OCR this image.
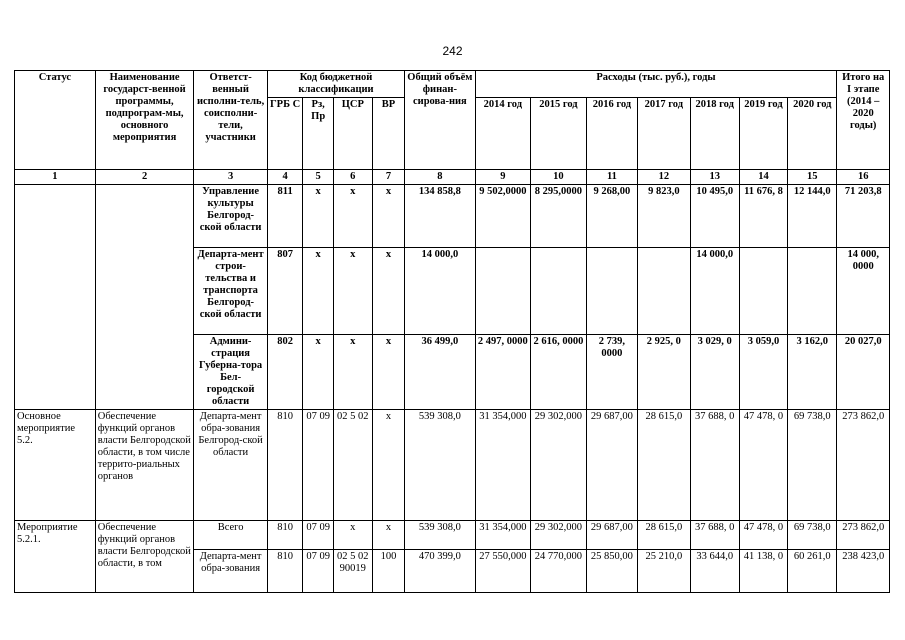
242
Статус	Наименование государст-венной программы, подпрограм-мы, основного мероприятия	Ответст-венный исполни-тель, соисполни-тели, участники	Код бюджетной классификации				Общий объём финан-сирова-ния	Расходы (тыс. руб.), годы							Итого на I этапе (2014 – 2020 годы)
			ГРБ С	Рз, Пр	ЦСР	ВР		2014 год	2015 год	2016 год	2017 год	2018 год	2019 год	2020 год	
1	2	3	4	5	6	7	8	9	10	11	12	13	14	15	16
		Управление культуры Белгород-ской области	811	х	х	х	134 858,8	9 502,0000	8 295,0000	9 268,00	9 823,0	10 495,0	11 676, 8	12 144,0	71 203,8
		Департа-мент строи-тельства и транспорта Белгород-ской области	807	х	х	х	14 000,0					14 000,0			14 000, 0000
		Админи-страция Губерна-тора Бел-городской области	802	х	х	х	36 499,0	2 497, 0000	2 616, 0000	2 739, 0000	2 925, 0	3 029, 0	3 059,0	3 162,0	20 027,0
Основное мероприятие 5.2.	Обеспечение функций органов власти Белгородской области, в том числе террито-риальных органов	Департа-мент обра-зования Белгород-ской области	810	07 09	02 5 02	х	539 308,0	31 354,000	29 302,000	29 687,00	28 615,0	37 688, 0	47 478, 0	69 738,0	273 862,0
Мероприятие 5.2.1.	Обеспечение функций органов власти Белгородской области, в том	Всего	810	07 09	х	х	539 308,0	31 354,000	29 302,000	29 687,00	28 615,0	37 688, 0	47 478, 0	69 738,0	273 862,0
		Департа-мент обра-зования	810	07 09	02 5 02 90019	100	470 399,0	27 550,000	24 770,000	25 850,00	25 210,0	33 644,0	41 138, 0	60 261,0	238 423,0
